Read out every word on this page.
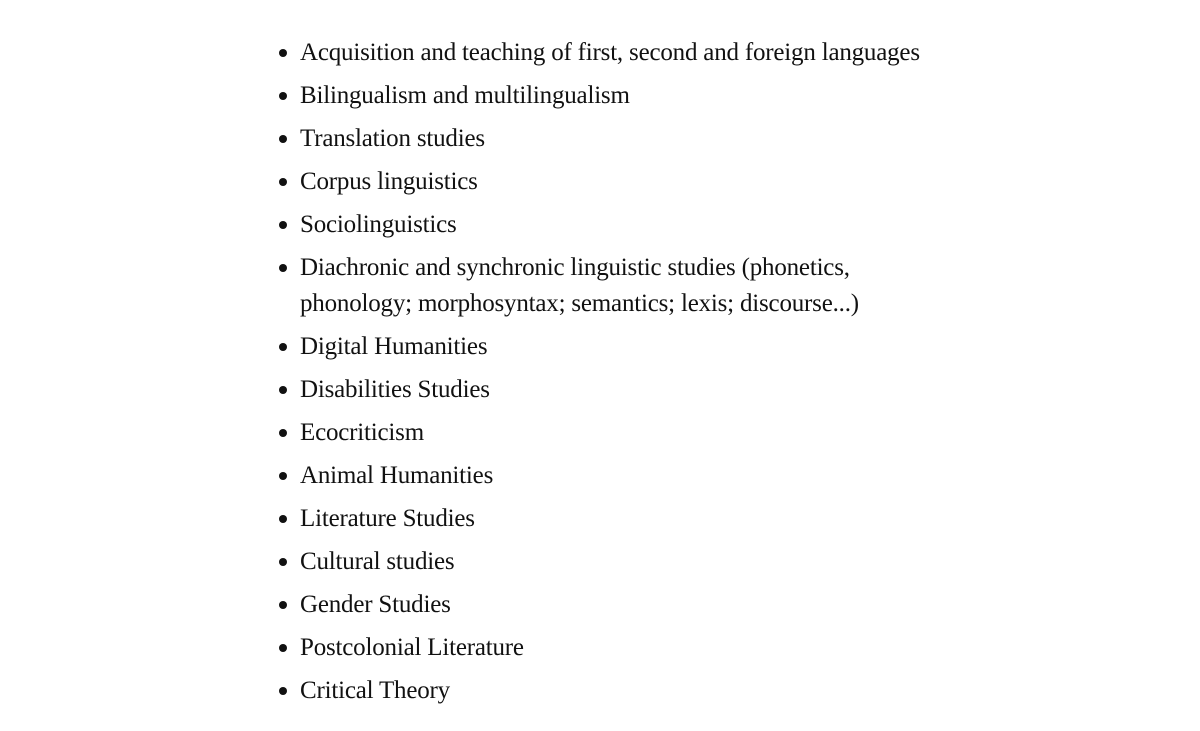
Acquisition and teaching of first, second and foreign languages
Bilingualism and multilingualism
Translation studies
Corpus linguistics
Sociolinguistics
Diachronic and synchronic linguistic studies (phonetics, phonology; morphosyntax; semantics; lexis; discourse...)
Digital Humanities
Disabilities Studies
Ecocriticism
Animal Humanities
Literature Studies
Cultural studies
Gender Studies
Postcolonial Literature
Critical Theory
